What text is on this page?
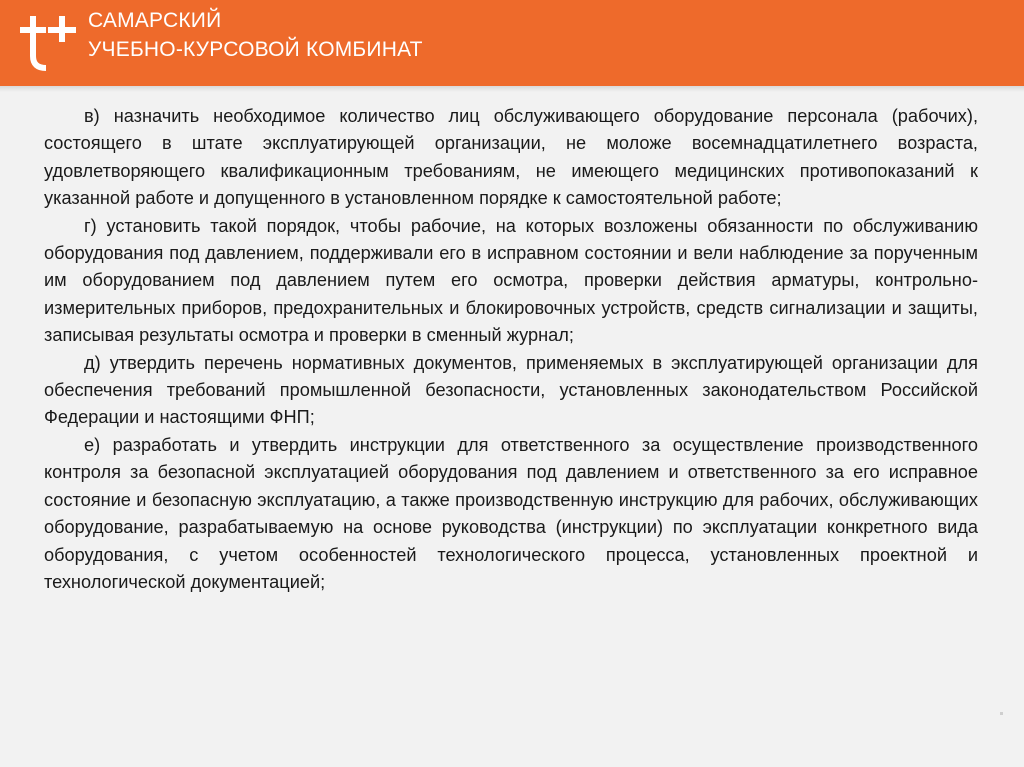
САМАРСКИЙ
УЧЕБНО-КУРСОВОЙ КОМБИНАТ

в) назначить необходимое количество лиц обслуживающего оборудование персонала (рабочих), состоящего в штате эксплуатирующей организации, не моложе восемнадцатилетнего возраста, удовлетворяющего квалификационным требованиям, не имеющего медицинских противопоказаний к указанной работе и допущенного в установленном порядке к самостоятельной работе;

г) установить такой порядок, чтобы рабочие, на которых возложены обязанности по обслуживанию оборудования под давлением, поддерживали его в исправном состоянии и вели наблюдение за порученным им оборудованием под давлением путем его осмотра, проверки действия арматуры, контрольно-измерительных приборов, предохранительных и блокировочных устройств, средств сигнализации и защиты, записывая результаты осмотра и проверки в сменный журнал;

д) утвердить перечень нормативных документов, применяемых в эксплуатирующей организации для обеспечения требований промышленной безопасности, установленных законодательством Российской Федерации и настоящими ФНП;

е) разработать и утвердить инструкции для ответственного за осуществление производственного контроля за безопасной эксплуатацией оборудования под давлением и ответственного за его исправное состояние и безопасную эксплуатацию, а также производственную инструкцию для рабочих, обслуживающих оборудование, разрабатываемую на основе руководства (инструкции) по эксплуатации конкретного вида оборудования, с учетом особенностей технологического процесса, установленных проектной и технологической документацией;
